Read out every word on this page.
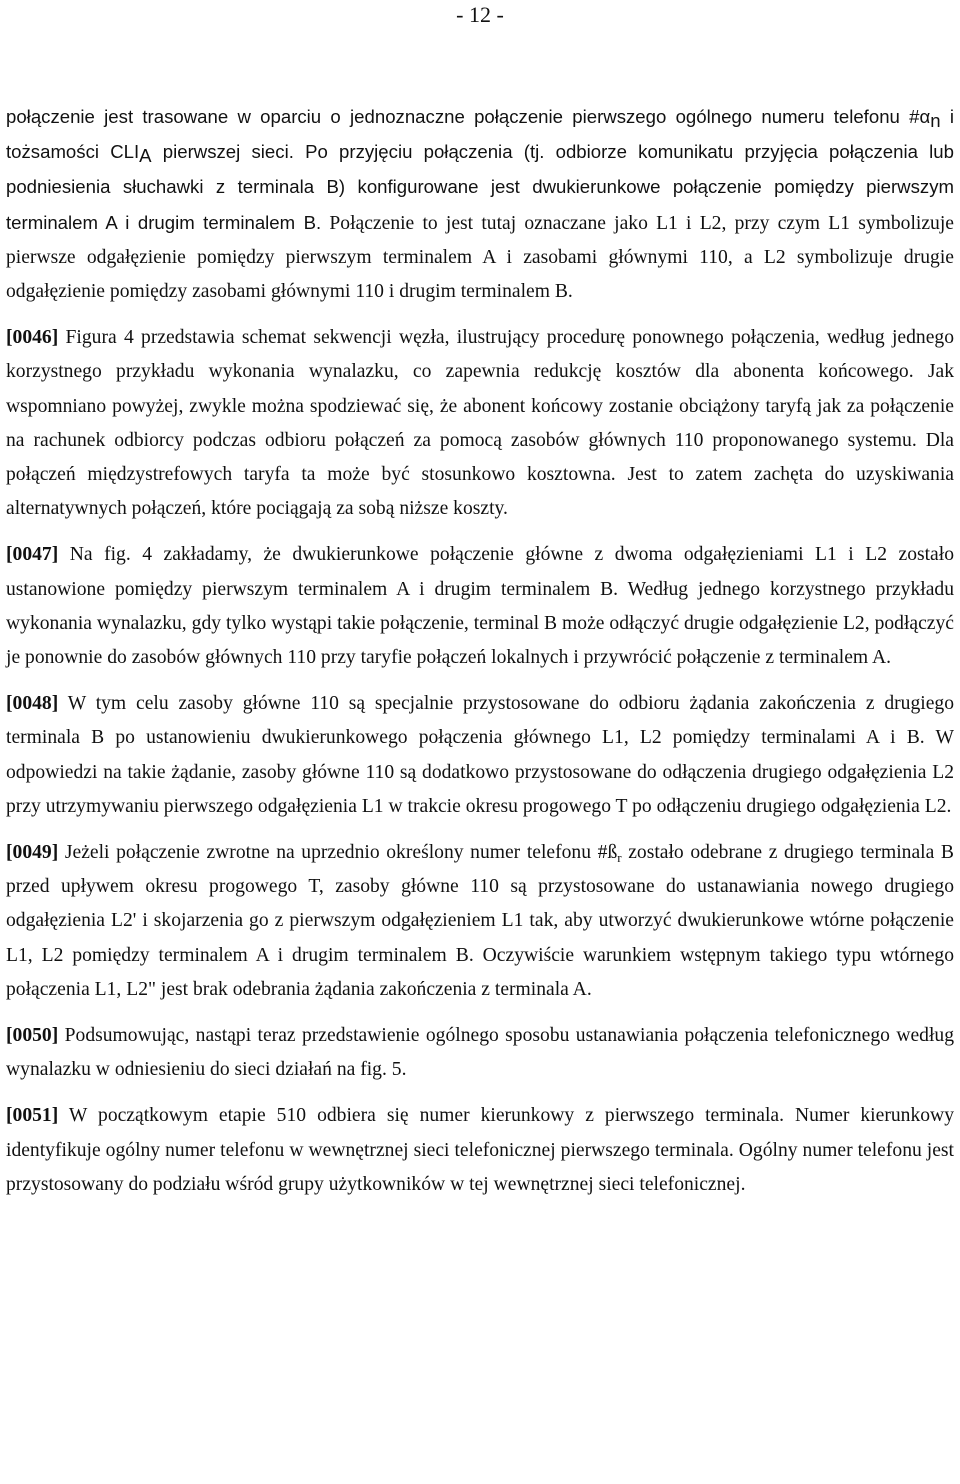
- 12 -

połączenie jest trasowane w oparciu o jednoznaczne połączenie pierwszego ogólnego numeru telefonu $\#\alpha_n$ i tożsamości $CLI_A$ pierwszej sieci. Po przyjęciu połączenia (tj. odbiorze komunikatu przyjęcia połączenia lub podniesienia słuchawki z terminala B) konfigurowane jest dwukierunkowe połączenie pomiędzy pierwszym terminalem A i drugim terminalem B. Połączenie to jest tutaj oznaczane jako L1 i L2, przy czym L1 symbolizuje pierwsze odgałęzienie pomiędzy pierwszym terminalem A i zasobami głównymi 110, a L2 symbolizuje drugie odgałęzienie pomiędzy zasobami głównymi 110 i drugim terminalem B.

[0046] Figura 4 przedstawia schemat sekwencji węzła, ilustrujący procedurę ponownego połączenia, według jednego korzystnego przykładu wykonania wynalazku, co zapewnia redukcję kosztów dla abonenta końcowego. Jak wspomniano powyżej, zwykle można spodziewać się, że abonent końcowy zostanie obciążony taryfą jak za połączenie na rachunek odbiorcy podczas odbioru połączeń za pomocą zasobów głównych 110 proponowanego systemu. Dla połączeń międzystrefowych taryfa ta może być stosunkowo kosztowna. Jest to zatem zachęta do uzyskiwania alternatywnych połączeń, które pociągają za sobą niższe koszty.

[0047] Na fig. 4 zakładamy, że dwukierunkowe połączenie główne z dwoma odgałęzieniami L1 i L2 zostało ustanowione pomiędzy pierwszym terminalem A i drugim terminalem B. Według jednego korzystnego przykładu wykonania wynalazku, gdy tylko wystąpi takie połączenie, terminal B może odłączyć drugie odgałęzienie L2, podłączyć je ponownie do zasobów głównych 110 przy taryfie połączeń lokalnych i przywrócić połączenie z terminalem A.

[0048] W tym celu zasoby główne 110 są specjalnie przystosowane do odbioru żądania zakończenia z drugiego terminala B po ustanowieniu dwukierunkowego połączenia głównego L1, L2 pomiędzy terminalami A i B. W odpowiedzi na takie żądanie, zasoby główne 110 są dodatkowo przystosowane do odłączenia drugiego odgałęzienia L2 przy utrzymywaniu pierwszego odgałęzienia L1 w trakcie okresu progowego T po odłączeniu drugiego odgałęzienia L2.

[0049] Jeżeli połączenie zwrotne na uprzednio określony numer telefonu $\#ß_r$ zostało odebrane z drugiego terminala B przed upływem okresu progowego T, zasoby główne 110 są przystosowane do ustanawiania nowego drugiego odgałęzienia L2' i skojarzenia go z pierwszym odgałęzieniem L1 tak, aby utworzyć dwukierunkowe wtórne połączenie L1, L2 pomiędzy terminalem A i drugim terminalem B. Oczywiście warunkiem wstępnym takiego typu wtórnego połączenia L1, L2" jest brak odebrania żądania zakończenia z terminala A.

[0050] Podsumowując, nastąpi teraz przedstawienie ogólnego sposobu ustanawiania połączenia telefonicznego według wynalazku w odniesieniu do sieci działań na fig. 5.

[0051] W początkowym etapie 510 odbiera się numer kierunkowy z pierwszego terminala. Numer kierunkowy identyfikuje ogólny numer telefonu w wewnętrznej sieci telefonicznej pierwszego terminala. Ogólny numer telefonu jest przystosowany do podziału wśród grupy użytkowników w tej wewnętrznej sieci telefonicznej.
